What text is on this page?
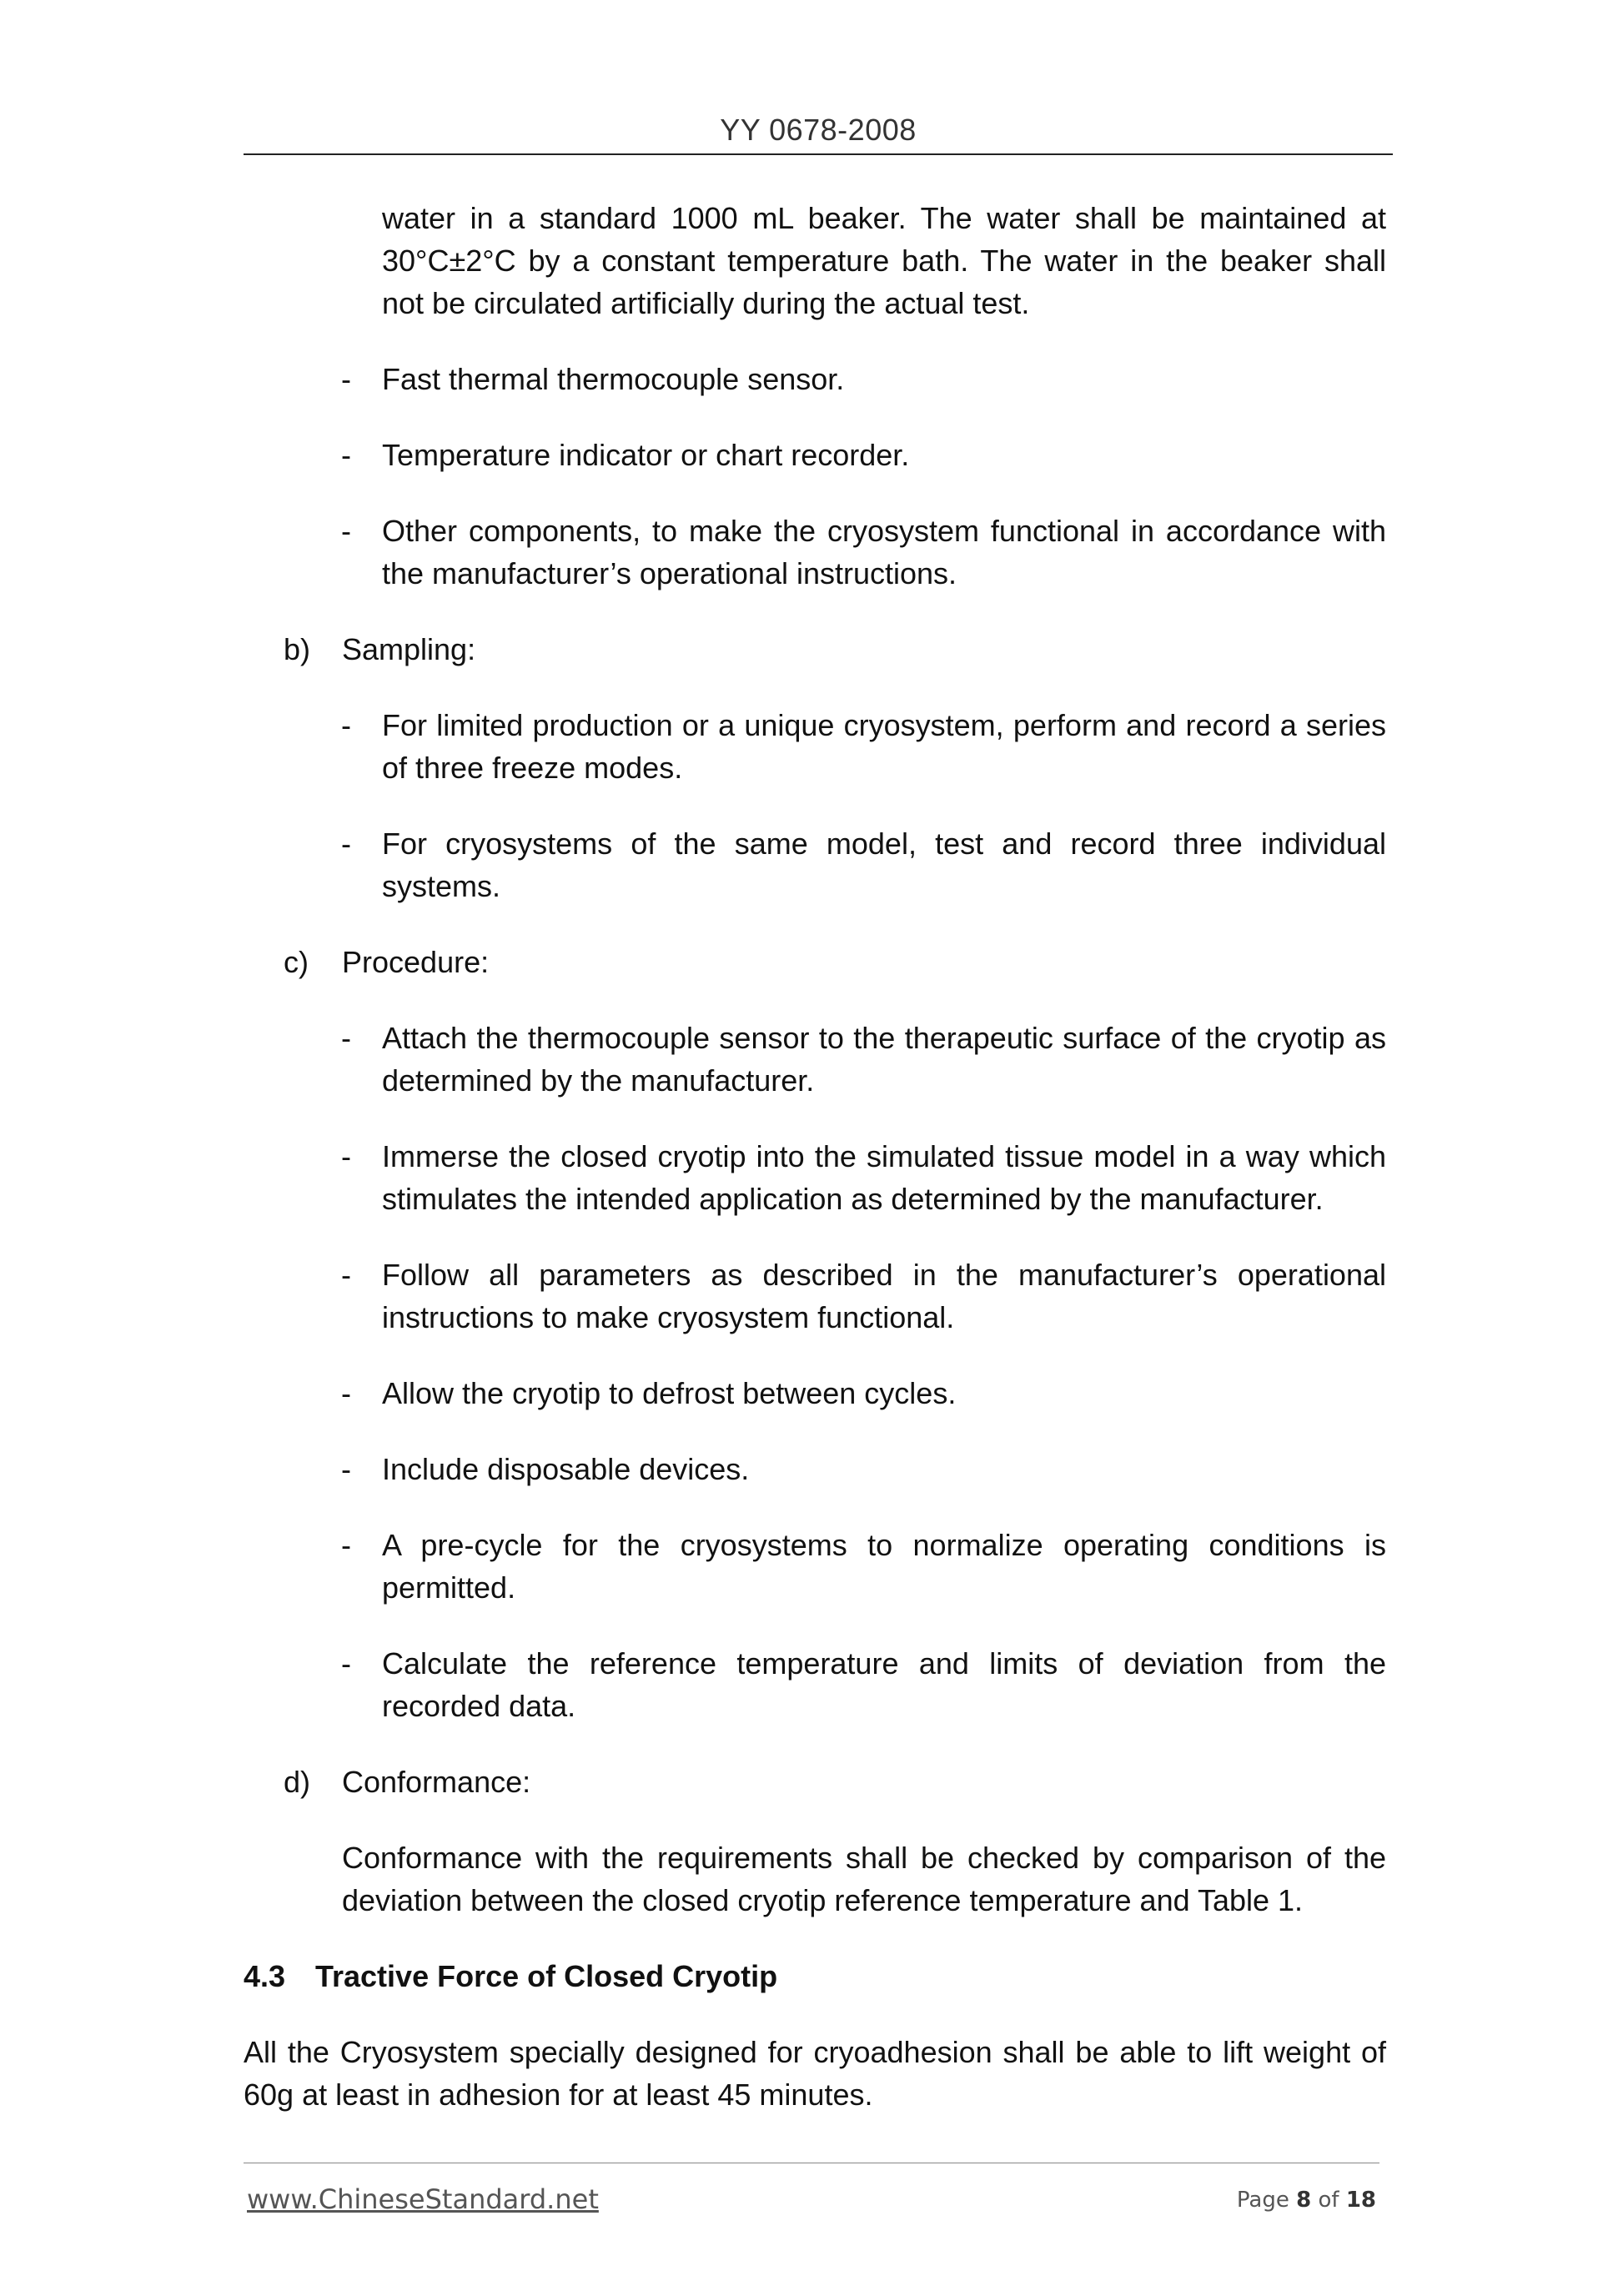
YY 0678-2008

water in a standard 1000 mL beaker. The water shall be maintained at 30°C±2°C by a constant temperature bath. The water in the beaker shall not be circulated artificially during the actual test.

- Fast thermal thermocouple sensor.

- Temperature indicator or chart recorder.

- Other components, to make the cryosystem functional in accordance with the manufacturer’s operational instructions.

b) Sampling:

- For limited production or a unique cryosystem, perform and record a series of three freeze modes.

- For cryosystems of the same model, test and record three individual systems.

c) Procedure:

- Attach the thermocouple sensor to the therapeutic surface of the cryotip as determined by the manufacturer.

- Immerse the closed cryotip into the simulated tissue model in a way which stimulates the intended application as determined by the manufacturer.

- Follow all parameters as described in the manufacturer’s operational instructions to make cryosystem functional.

- Allow the cryotip to defrost between cycles.

- Include disposable devices.

- A pre-cycle for the cryosystems to normalize operating conditions is permitted.

- Calculate the reference temperature and limits of deviation from the recorded data.

d) Conformance:

Conformance with the requirements shall be checked by comparison of the deviation between the closed cryotip reference temperature and Table 1.

4.3 Tractive Force of Closed Cryotip

All the Cryosystem specially designed for cryoadhesion shall be able to lift weight of 60g at least in adhesion for at least 45 minutes.

www.ChineseStandard.net	Page 8 of 18
